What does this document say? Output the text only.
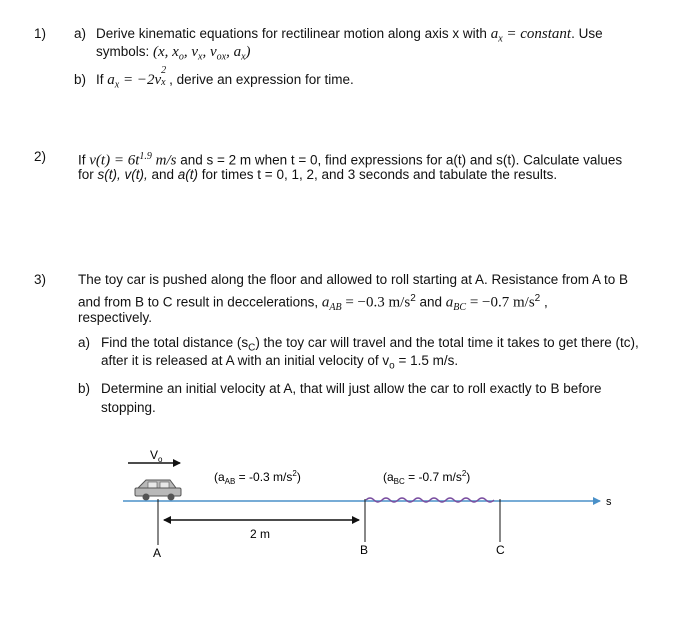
1) a) Derive kinematic equations for rectilinear motion along axis x with $a_x$ = constant. Use
symbols: (x, $x_o$, $v_x$, $v_{ox}$, $a_x$)
b) If $a_x = -2v$
2
x , derive an expression for time.
2) If $v(t) = 6t^{1.9}$ m/s and s = 2 m when t = 0, find expressions for a(t) and s(t). Calculate values
for s(t), v(t), and a(t) for times t = 0, 1, 2, and 3 seconds and tabulate the results.
3) The toy car is pushed along the floor and allowed to roll starting at A. Resistance from A to B
and from B to C result in deccelerations, $a_{AB} = -0.3$ $m/s^2$ and $a_{BC} = -0.7$ $m/s^2$ ,
respectively.
a) Find the total distance $(s_C)$ the toy car will travel and the total time it takes to get there (tc),
after it is released at A with an initial velocity of $v_o = 1.5$ m/s.
b) Determine an initial velocity at A, that will just allow the car to roll exactly to B before
stopping.
$V_o$
($a_{AB} = -0.3$ $m/s^2$)	($a_{BC} = -0.7$ $m/s^2$)
s
2 m
A	B	C
